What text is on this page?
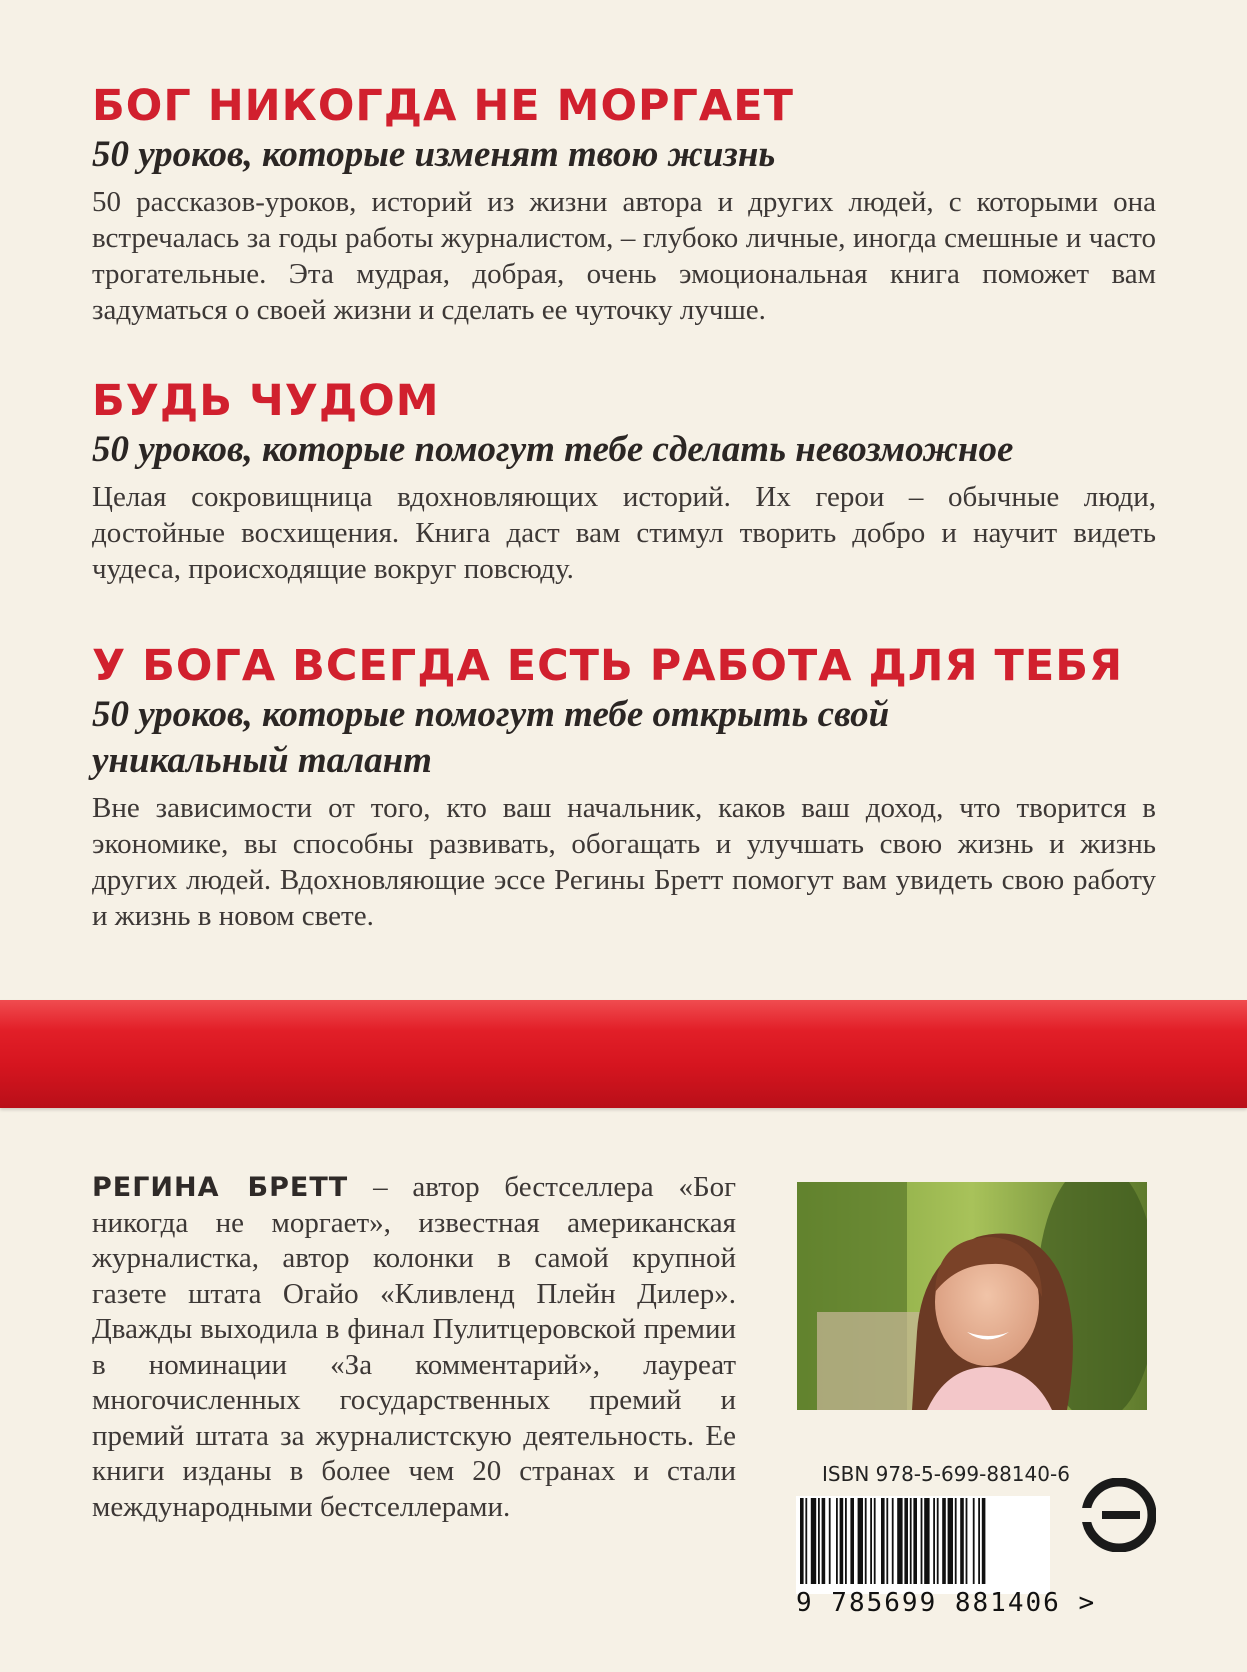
БОГ НИКОГДА НЕ МОРГАЕТ
50 уроков, которые изменят твою жизнь

50 рассказов-уроков, историй из жизни автора и других людей, с которыми она встречалась за годы работы журналистом, – глубоко личные, иногда смешные и часто трогательные. Эта мудрая, добрая, очень эмоциональная книга поможет вам задуматься о своей жизни и сделать ее чуточку лучше.

БУДЬ ЧУДОМ
50 уроков, которые помогут тебе сделать невозможное

Целая сокровищница вдохновляющих историй. Их герои – обычные люди, достойные восхищения. Книга даст вам стимул творить добро и научит видеть чудеса, происходящие вокруг повсюду.

У БОГА ВСЕГДА ЕСТЬ РАБОТА ДЛЯ ТЕБЯ
50 уроков, которые помогут тебе открыть свой уникальный талант

Вне зависимости от того, кто ваш начальник, каков ваш доход, что творится в экономике, вы способны развивать, обогащать и улучшать свою жизнь и жизнь других людей. Вдохновляющие эссе Регины Бретт помогут вам увидеть свою работу и жизнь в новом свете.

РЕГИНА БРЕТТ – автор бестселлера «Бог никогда не моргает», известная американская журналистка, автор колонки в самой крупной газете штата Огайо «Кливленд Плейн Дилер». Дважды выходила в финал Пулитцеровской премии в номинации «За комментарий», лауреат многочисленных государственных премий и премий штата за журналистскую деятельность. Ее книги изданы в более чем 20 странах и стали международными бестселлерами.
ISBN 978-5-699-88140-6
9 785699 881406 >
